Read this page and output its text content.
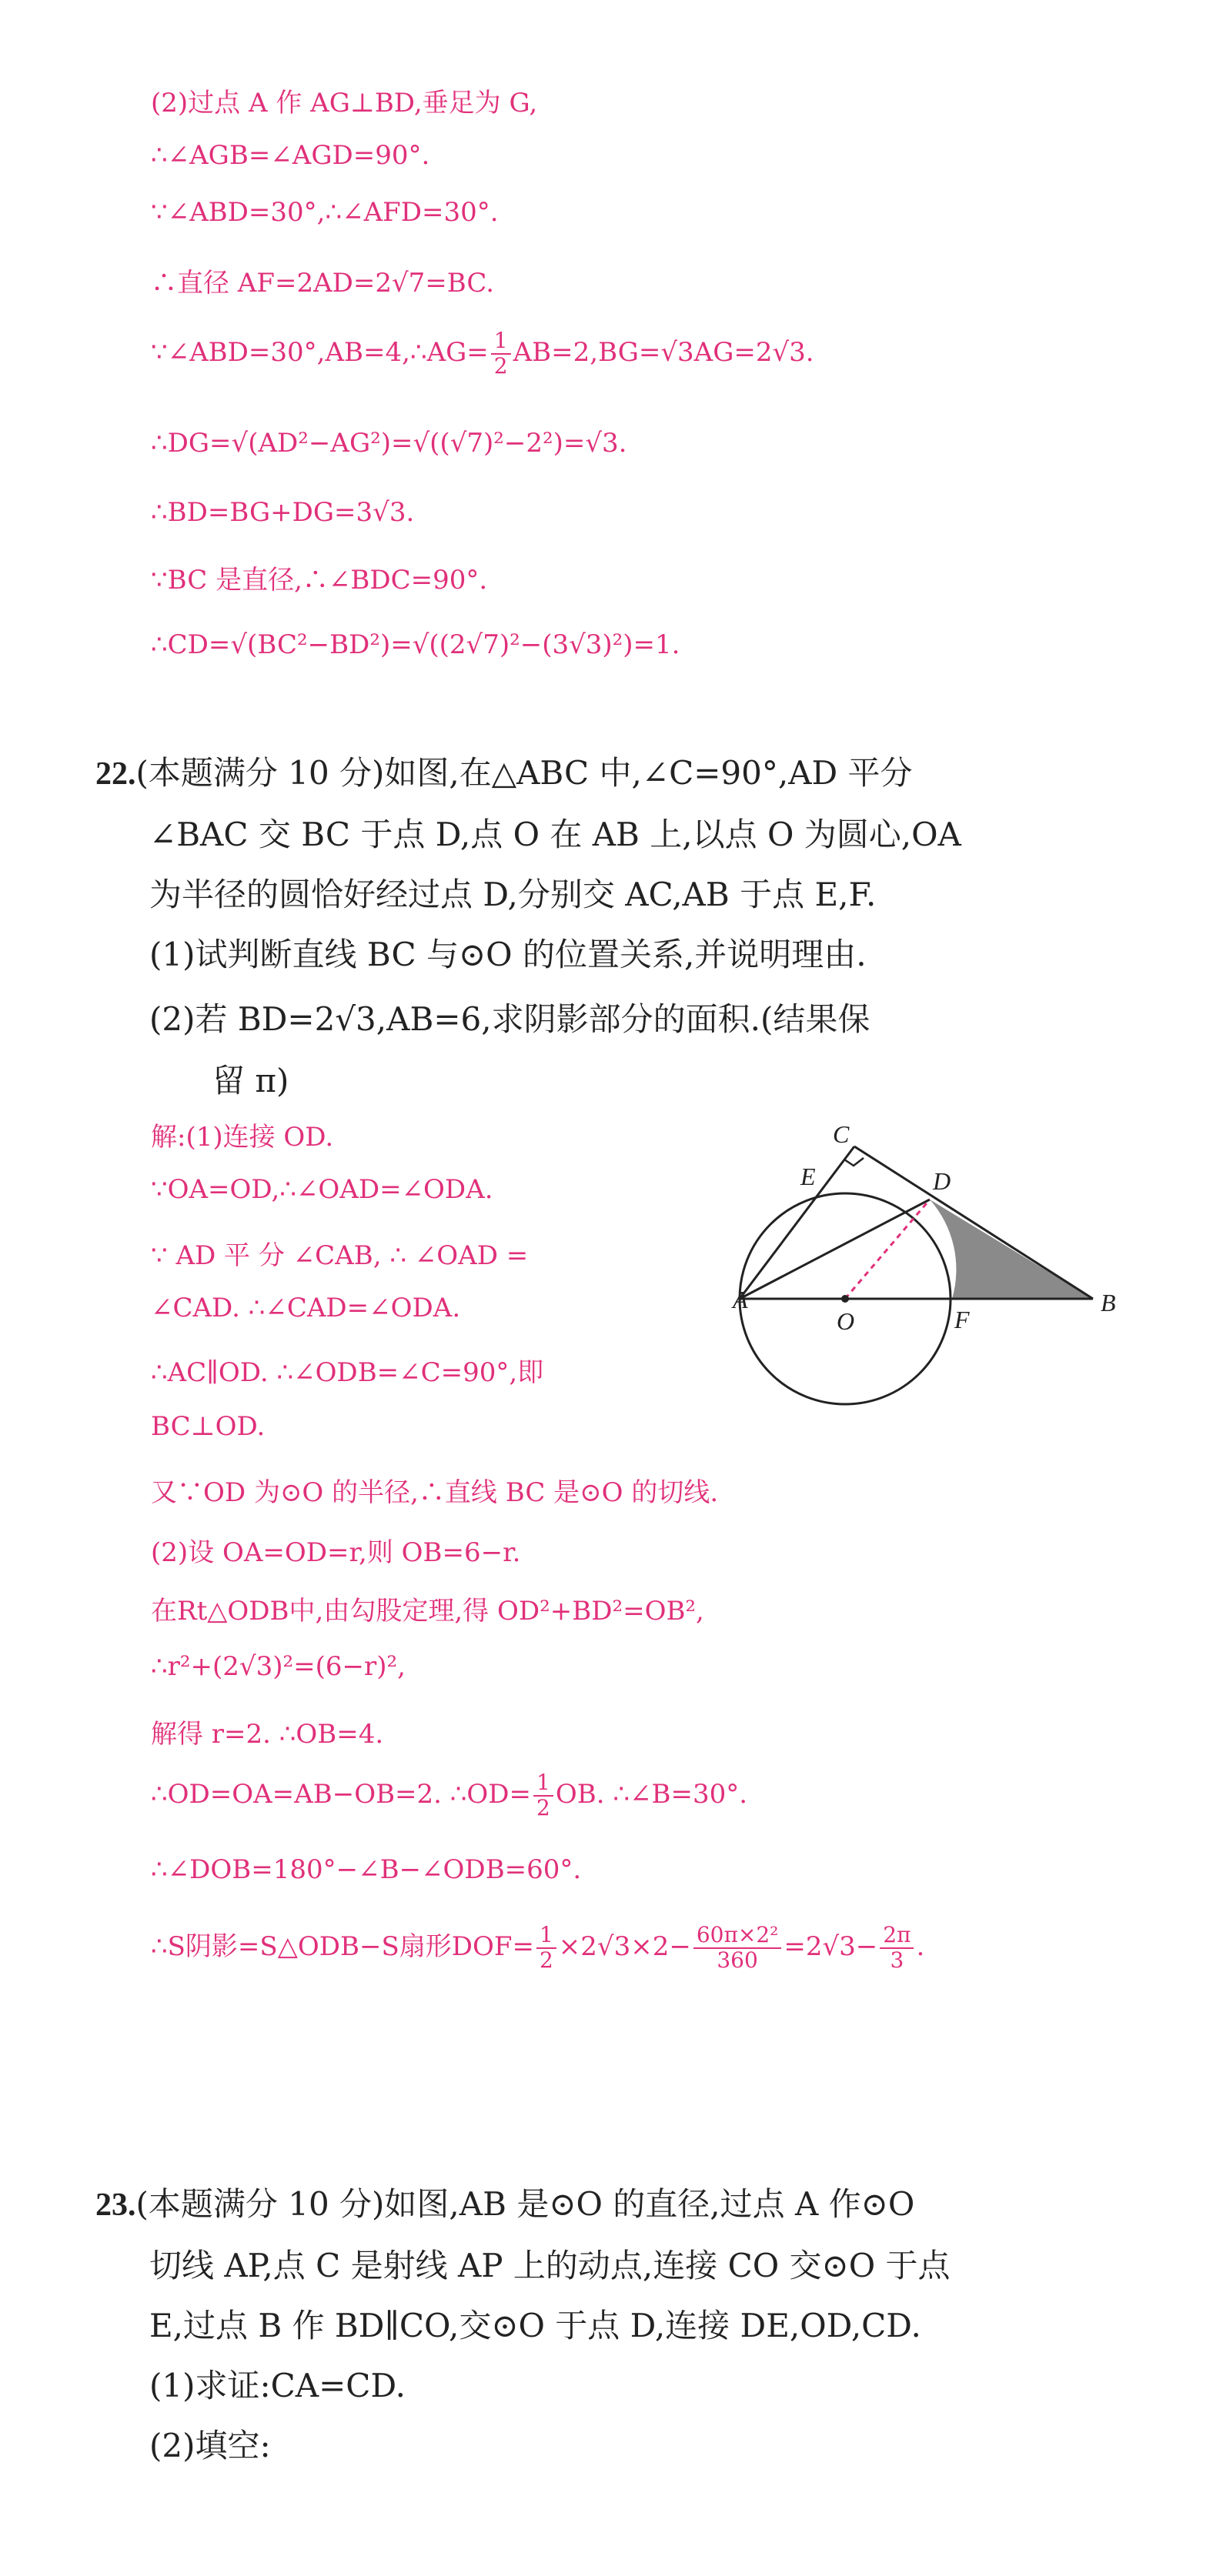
(2)过点 A 作 AG⊥BD,垂足为 G,
∴∠AGB=∠AGD=90°.
∵∠ABD=30°,∴∠AFD=30°.
∴直径 AF=2AD=2√7=BC.
∵∠ABD=30°,AB=4,∴AG= $\frac{1}{2} AB=2,BG=√3AG=2√3$.
∴DG=√(AD²−AG²)=√((√7)²−2²)=√3.
∴BD=BG+DG=3√3.
∵BC 是直径,∴∠BDC=90°.
∴CD=√(BC²−BD²)=√((2√7)²−(3√3)²)=1.
22.(本题满分 10 分)如图,在△ABC 中,∠C=90°,AD 平分
∠BAC 交 BC 于点 D,点 O 在 AB 上,以点 O 为圆心,OA
为半径的圆恰好经过点 D,分别交 AC,AB 于点 E,F.
(1)试判断直线 BC 与⊙O 的位置关系,并说明理由.
(2)若 BD=2√3,AB=6,求阴影部分的面积.(结果保
留 π)
解:(1)连接 OD.
∵OA=OD,∴∠OAD=∠ODA.
∵ AD 平 分 ∠CAB, ∴ ∠OAD =
∠CAD. ∴∠CAD=∠ODA.
∴AC∥OD. ∴∠ODB=∠C=90°,即
BC⊥OD.
又∵OD 为⊙O 的半径,∴直线 BC 是⊙O 的切线.
(2)设 OA=OD=r,则 OB=6−r.
在Rt△ODB中,由勾股定理,得 OD²+BD²=OB²,
∴r²+(2√3)²=(6−r)²,
解得 r=2. ∴OB=4.
∴OD=OA=AB−OB=2. ∴OD= $\frac{1}{2}$ OB. ∴∠B=30°.
∴∠DOB=180°−∠B−∠ODB=60°.
∴S阴影=S△ODB−S扇形$DOF= \frac{1}{2} \times 2√3\times 2- \frac{\text{60π×2²}}{360} =2√3- \frac{2\pi}{3}$ .
C
E	D
A	B
O	F
23.(本题满分 10 分)如图,AB 是⊙O 的直径,过点 A 作⊙O
切线 AP,点 C 是射线 AP 上的动点,连接 CO 交⊙O 于点
E,过点 B 作 BD∥CO,交⊙O 于点 D,连接 DE,OD,CD.
(1)求证:CA=CD.
(2)填空:
